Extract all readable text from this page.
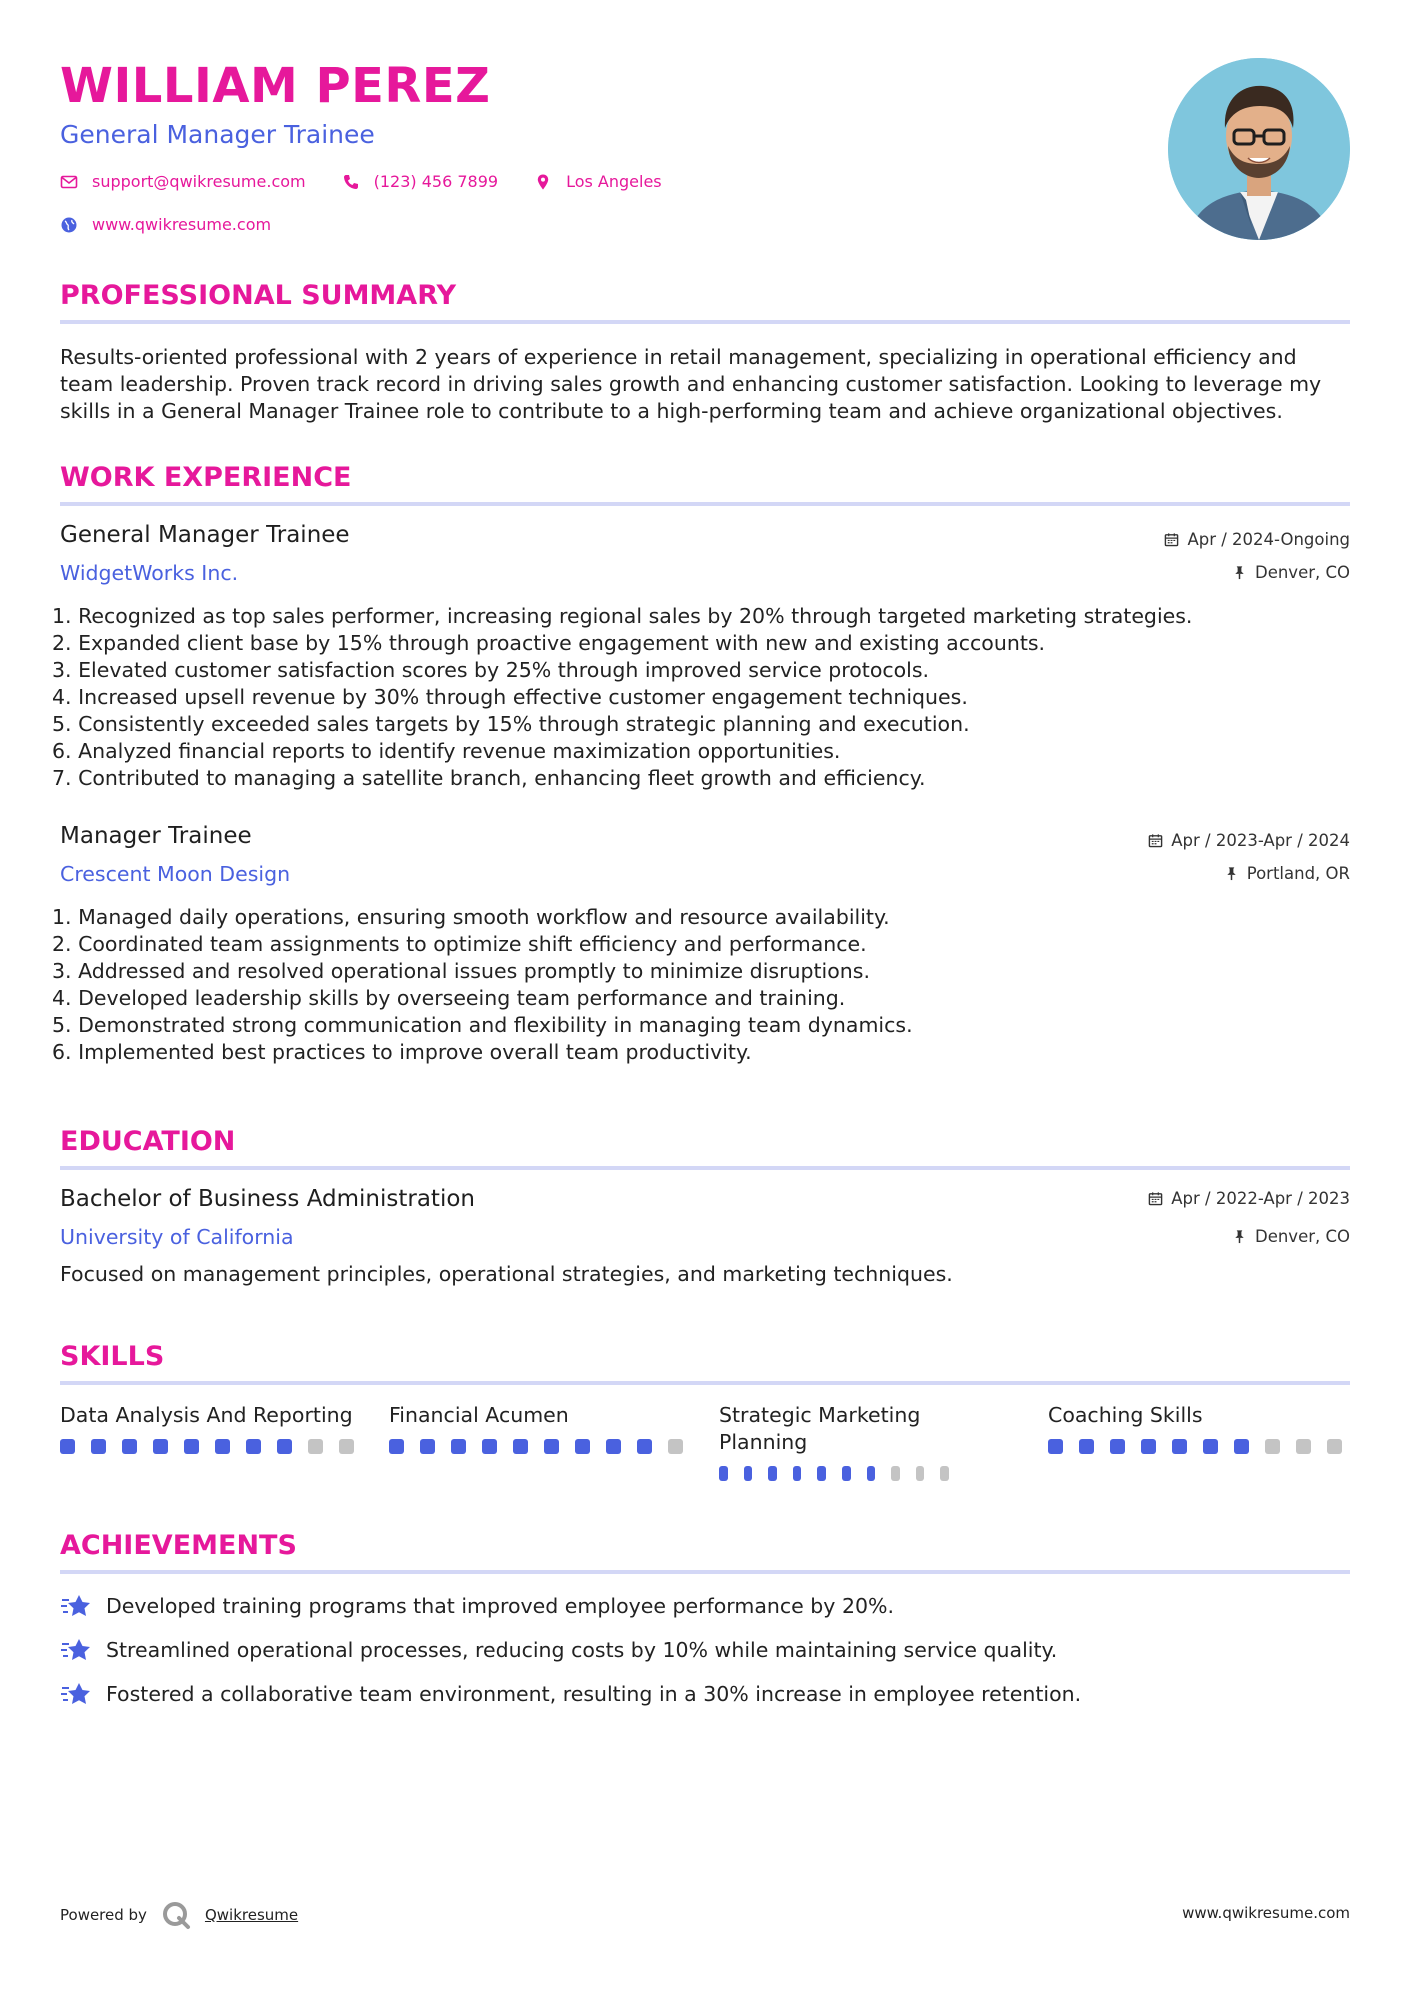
WILLIAM PEREZ
General Manager Trainee
support@qwikresume.com	(123) 456 7899	Los Angeles
www.qwikresume.com
PROFESSIONAL SUMMARY

Results-oriented professional with 2 years of experience in retail management, specializing in operational efficiency and team leadership. Proven track record in driving sales growth and enhancing customer satisfaction. Looking to leverage my skills in a General Manager Trainee role to contribute to a high-performing team and achieve organizational objectives.

WORK EXPERIENCE
General Manager Trainee
WidgetWorks Inc.
Apr / 2024-Ongoing
Denver, CO
1. Recognized as top sales performer, increasing regional sales by 20% through targeted marketing strategies.
2. Expanded client base by 15% through proactive engagement with new and existing accounts.
3. Elevated customer satisfaction scores by 25% through improved service protocols.
4. Increased upsell revenue by 30% through effective customer engagement techniques.
5. Consistently exceeded sales targets by 15% through strategic planning and execution.
6. Analyzed financial reports to identify revenue maximization opportunities.
7. Contributed to managing a satellite branch, enhancing fleet growth and efficiency.
Manager Trainee
Crescent Moon Design
Apr / 2023-Apr / 2024
Portland, OR
1. Managed daily operations, ensuring smooth workflow and resource availability.
2. Coordinated team assignments to optimize shift efficiency and performance.
3. Addressed and resolved operational issues promptly to minimize disruptions.
4. Developed leadership skills by overseeing team performance and training.
5. Demonstrated strong communication and flexibility in managing team dynamics.
6. Implemented best practices to improve overall team productivity.
EDUCATION
Bachelor of Business Administration
University of California
Apr / 2022-Apr / 2023
Denver, CO

Focused on management principles, operational strategies, and marketing techniques.

SKILLS
Data Analysis And Reporting	Financial Acumen	Strategic Marketing Planning
Coaching Skills
ACHIEVEMENTS
Developed training programs that improved employee performance by 20%.
Streamlined operational processes, reducing costs by 10% while maintaining service quality.
Fostered a collaborative team environment, resulting in a 30% increase in employee retention.
Powered by	Qwikresume	www.qwikresume.com
